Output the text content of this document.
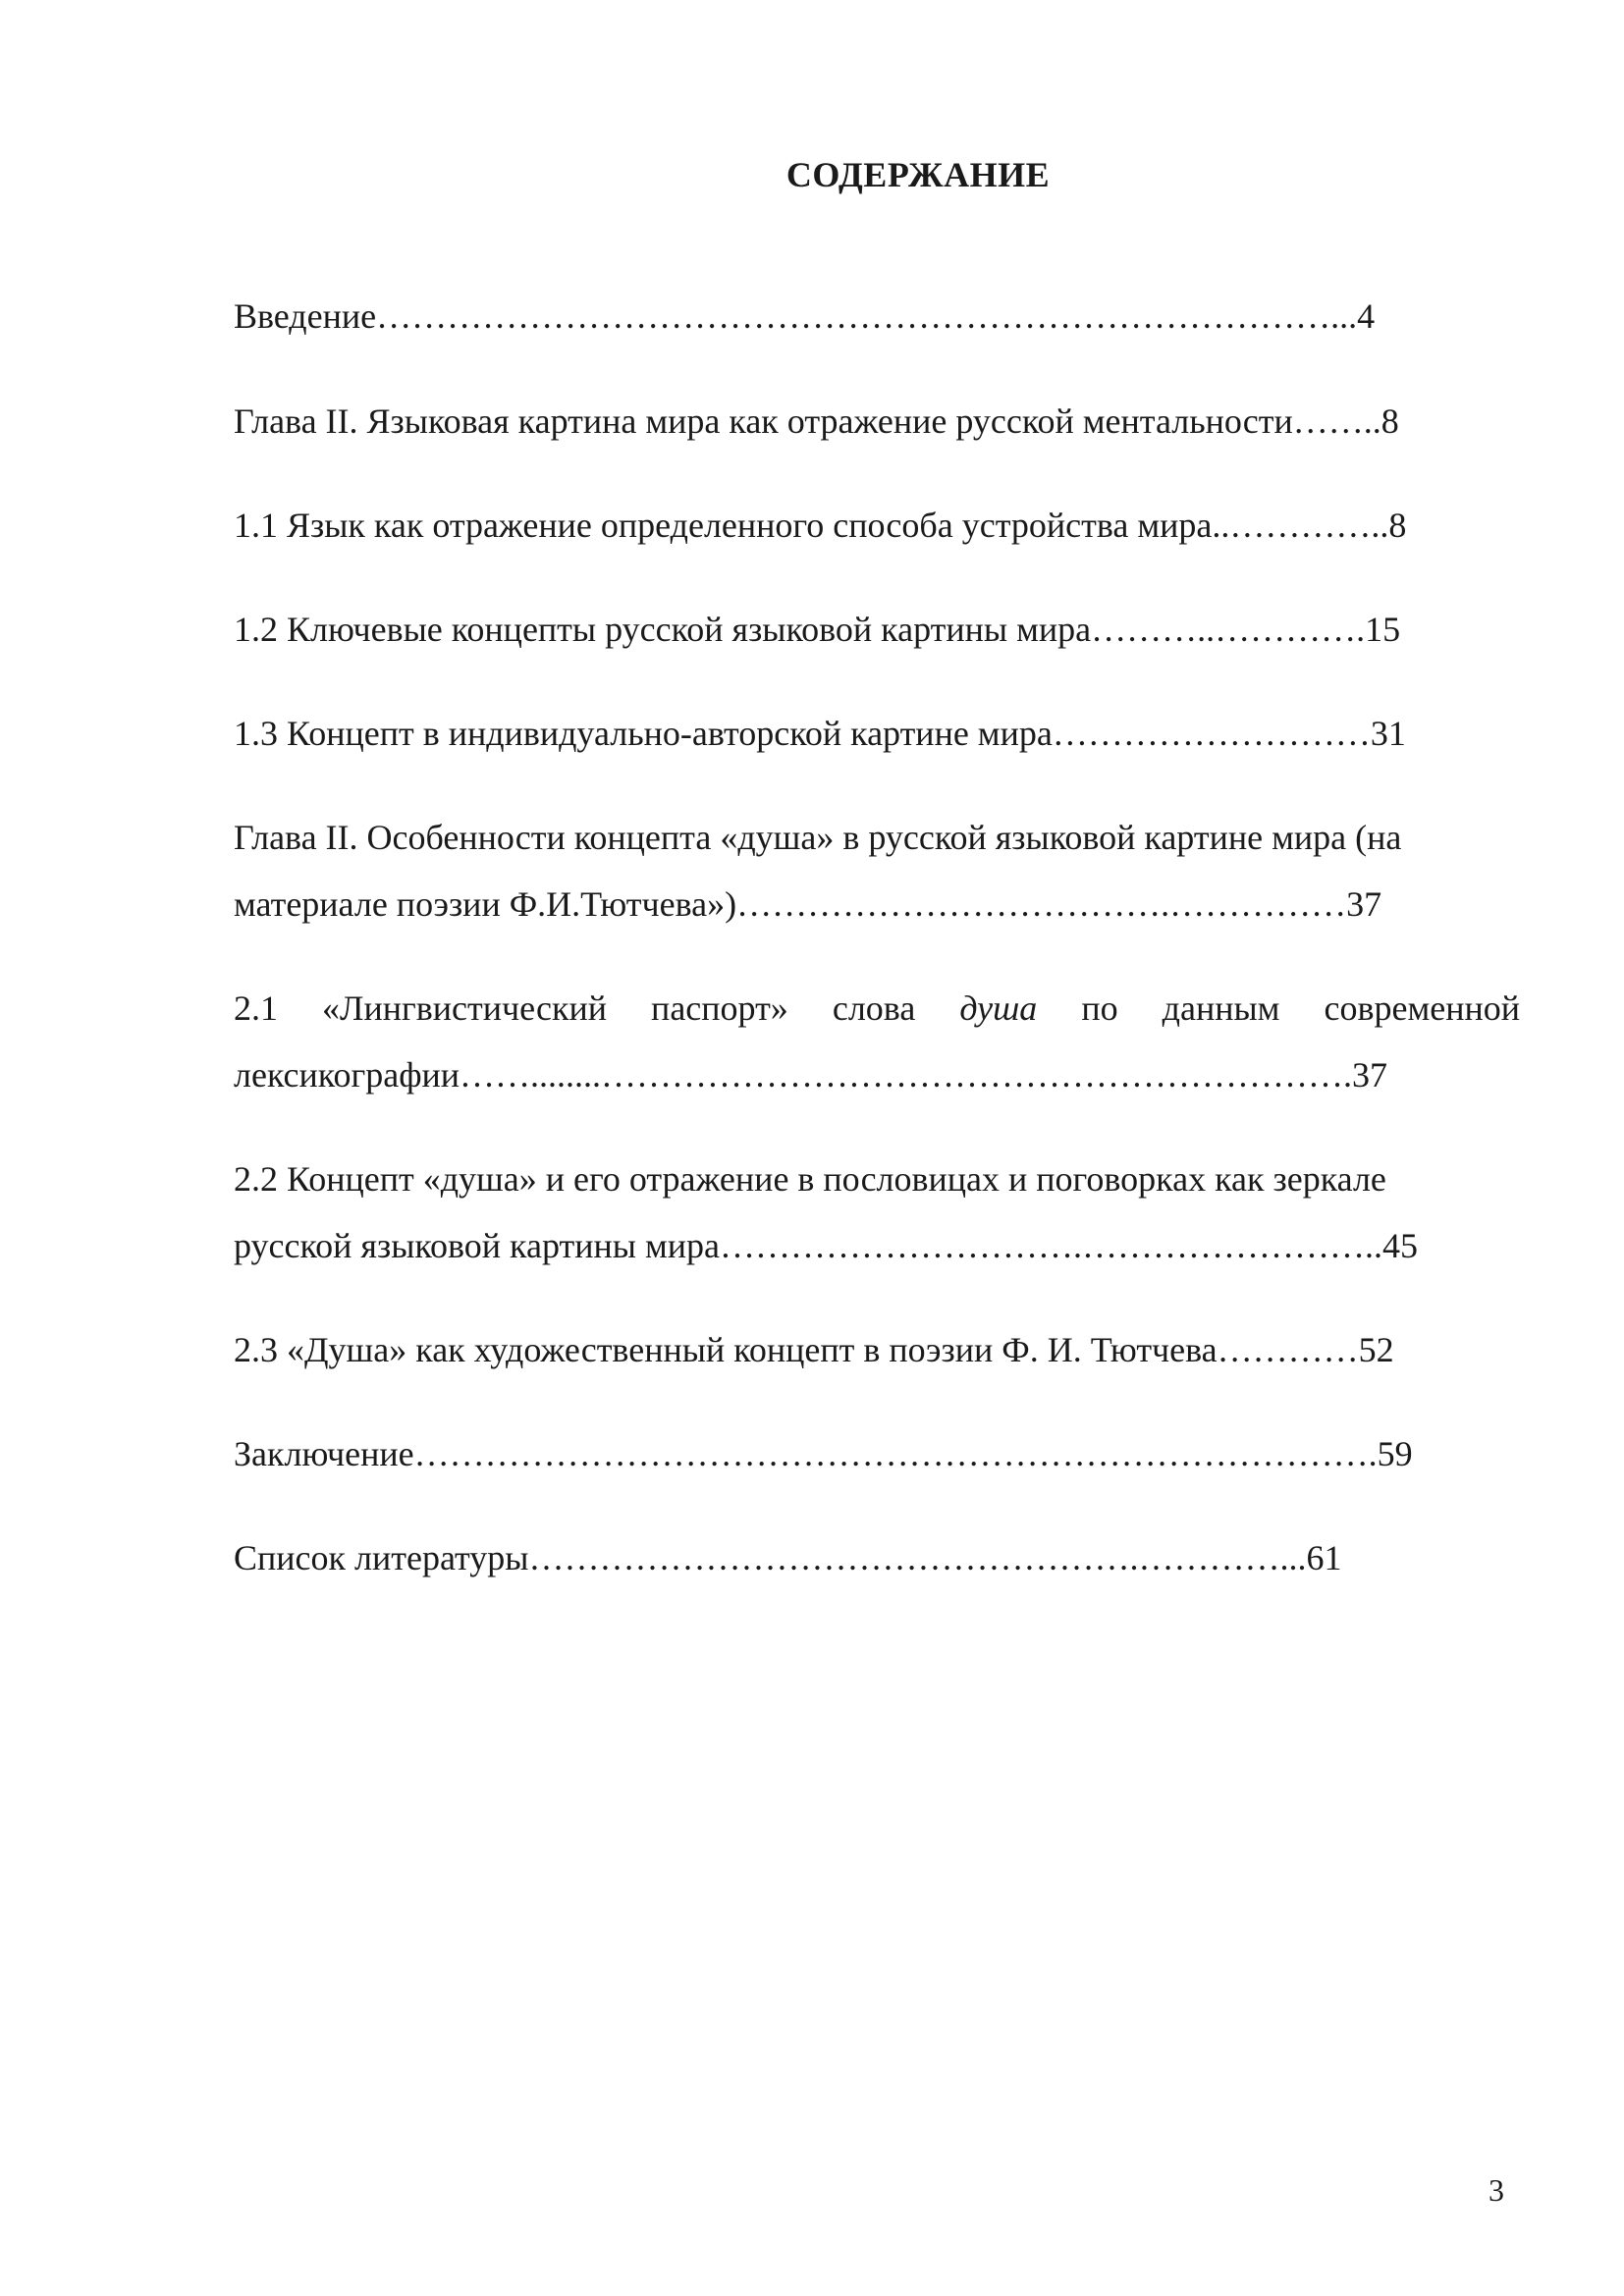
СОДЕРЖАНИЕ
Введение………………………………………………………………………...4
Глава II. Языковая картина мира как отражение русской ментальности……..8
1.1 Язык как отражение определенного способа устройства мира..…………..8
1.2 Ключевые концепты русской языковой картины мира………..………….15
1.3 Концепт в индивидуально-авторской картине мира………………………31
Глава II. Особенности концепта «душа» в русской языковой картине мира (на
материале поэзии Ф.И.Тютчева»)……………………………….……………37
2.1 «Лингвистический паспорт» слова душа по данным современной
лексикографии……........……………………………………………………….37
2.2 Концепт «душа» и его отражение в пословицах и поговорках как зеркале
русской языковой картины мира………………………….……………………..45
2.3 «Душа» как художественный концепт в поэзии Ф. И. Тютчева…………52
Заключение……………………………………………………………………….59
Список литературы…………………………………………….…………...61
3
